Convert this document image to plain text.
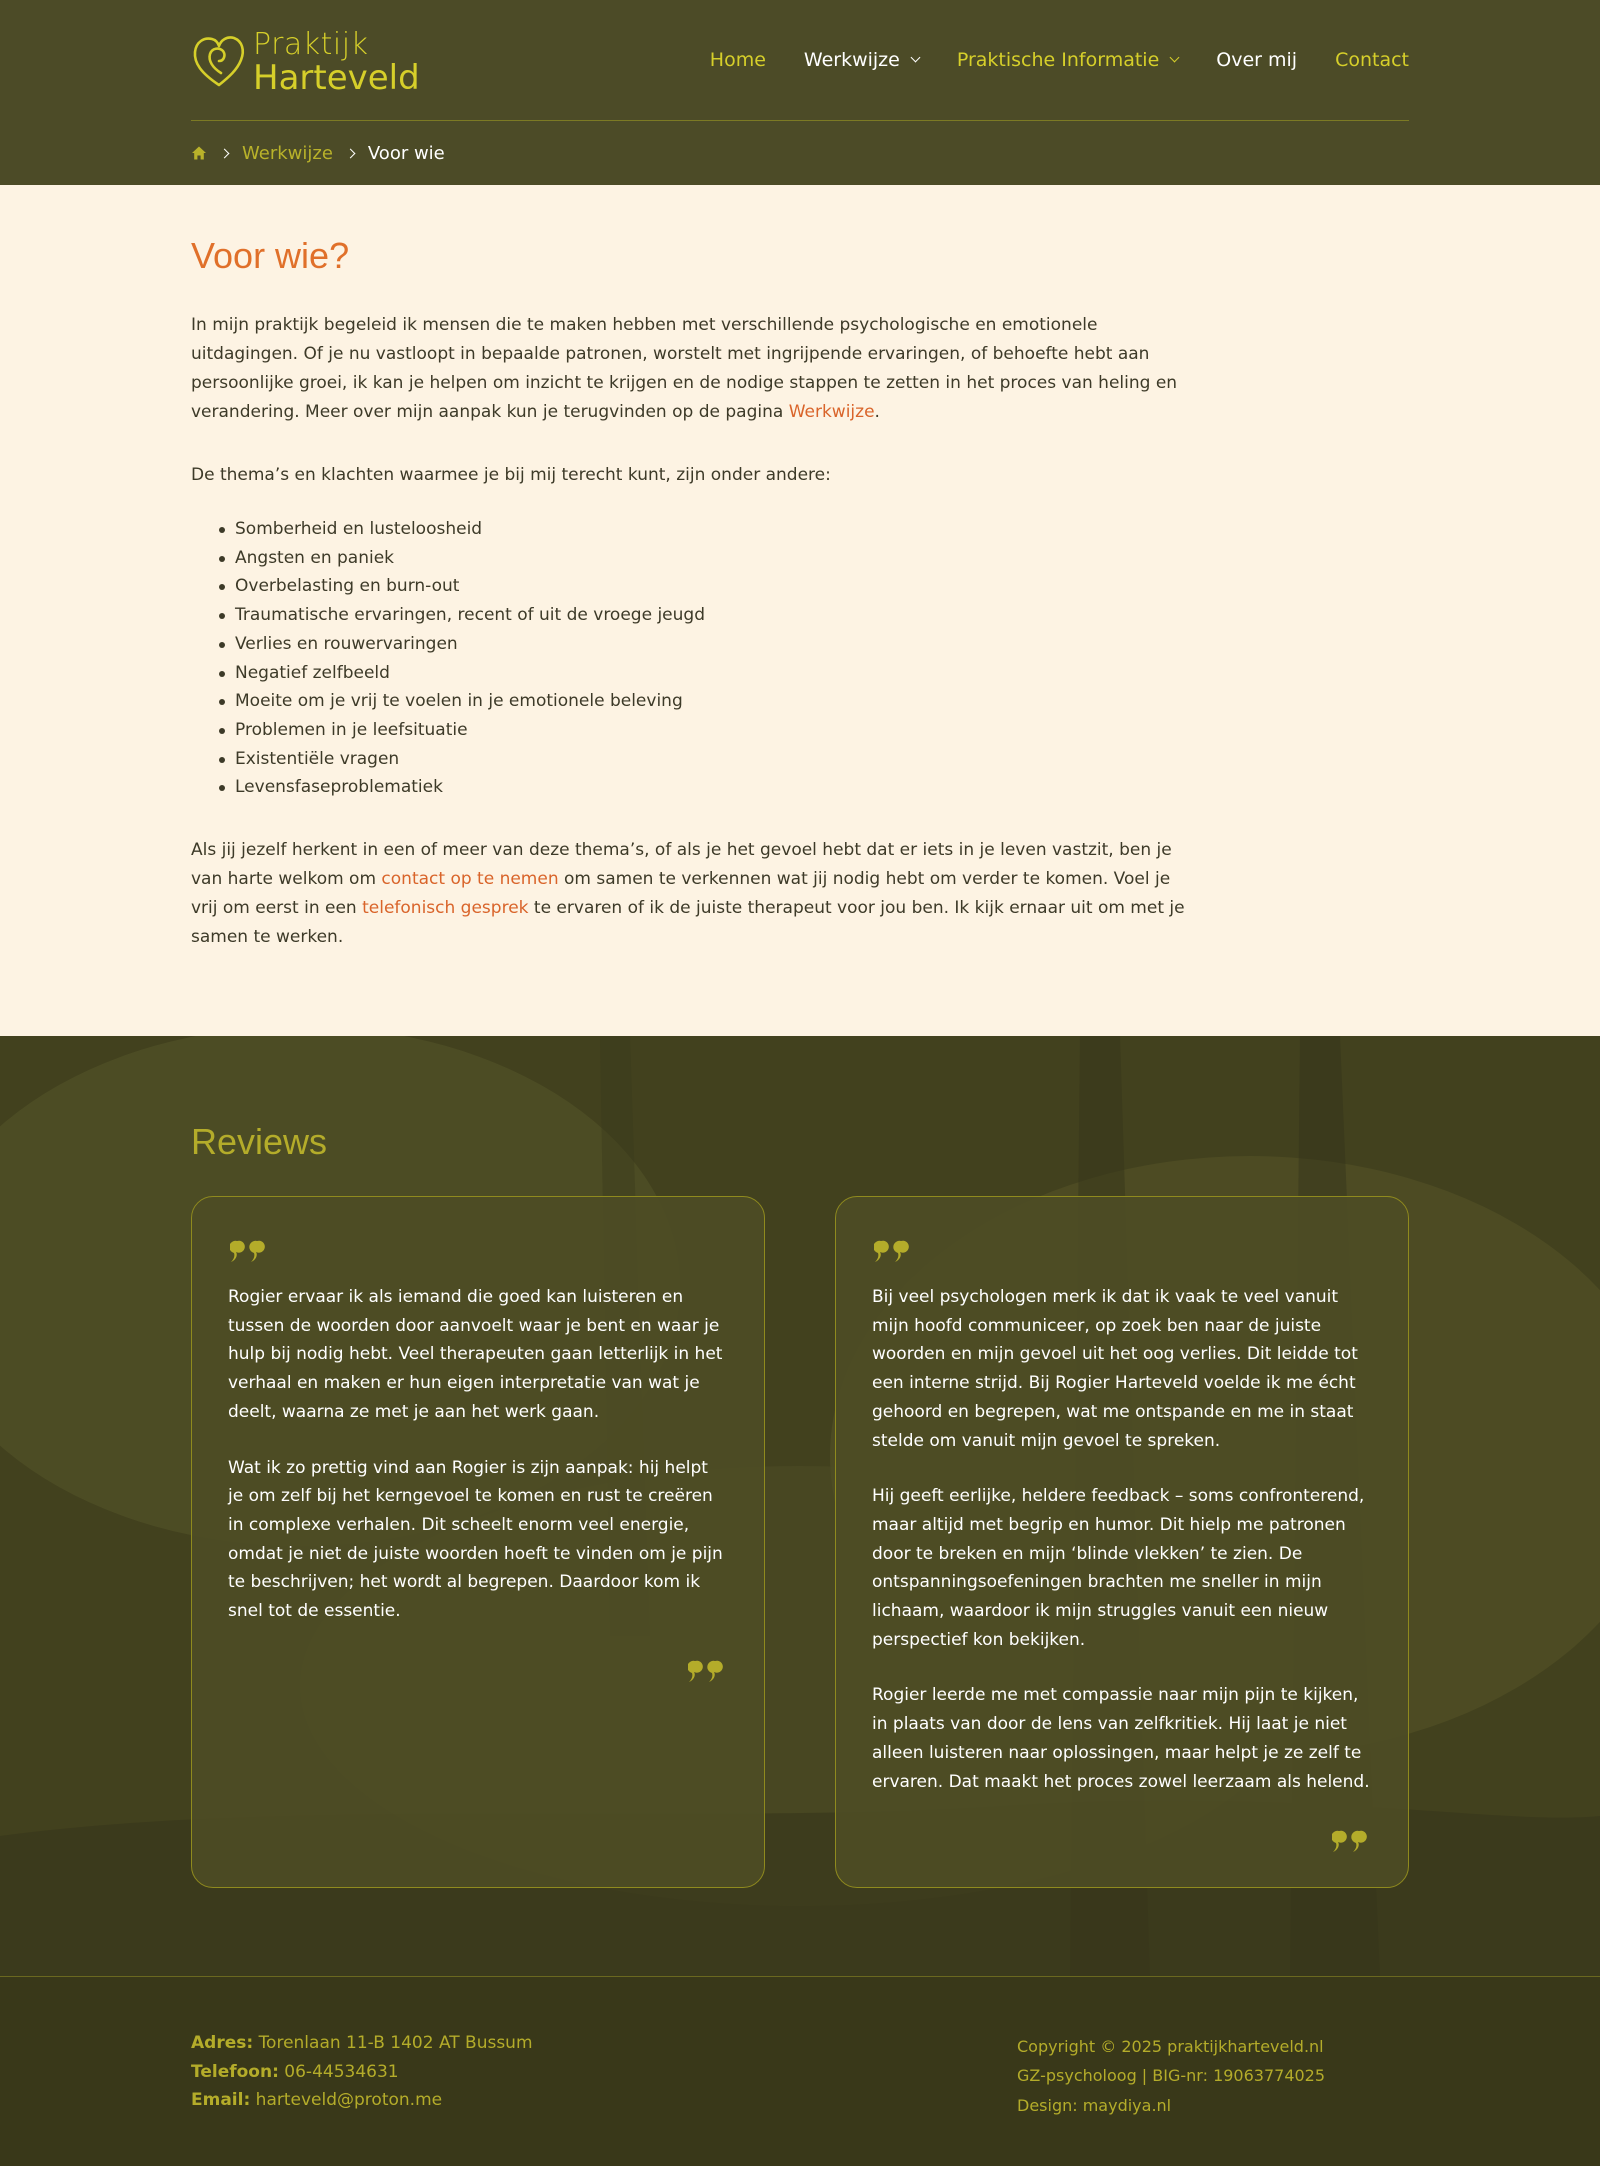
Praktijk
Harteveld	Home Werkwijze	Praktische Informatie	Over mij Contact
Werkwijze Voor wie
Voor wie?

In mijn praktijk begeleid ik mensen die te maken hebben met verschillende psychologische en emotionele uitdagingen. Of je nu vastloopt in bepaalde patronen, worstelt met ingrijpende ervaringen, of behoefte hebt aan persoonlijke groei, ik kan je helpen om inzicht te krijgen en de nodige stappen te zetten in het proces van heling en verandering. Meer over mijn aanpak kun je terugvinden op de pagina Werkwijze.

De thema’s en klachten waarmee je bij mij terecht kunt, zijn onder andere:

Somberheid en lusteloosheid
Angsten en paniek
Overbelasting en burn-out
Traumatische ervaringen, recent of uit de vroege jeugd
Verlies en rouwervaringen
Negatief zelfbeeld
Moeite om je vrij te voelen in je emotionele beleving
Problemen in je leefsituatie
Existentiële vragen
Levensfaseproblematiek

Als jij jezelf herkent in een of meer van deze thema’s, of als je het gevoel hebt dat er iets in je leven vastzit, ben je van harte welkom om contact op te nemen om samen te verkennen wat jij nodig hebt om verder te komen. Voel je vrij om eerst in een telefonisch gesprek te ervaren of ik de juiste therapeut voor jou ben. Ik kijk ernaar uit om met je samen te werken.

Reviews

Rogier ervaar ik als iemand die goed kan luisteren en tussen de woorden door aanvoelt waar je bent en waar je hulp bij nodig hebt. Veel therapeuten gaan letterlijk in het verhaal en maken er hun eigen interpretatie van wat je deelt, waarna ze met je aan het werk gaan.

Wat ik zo prettig vind aan Rogier is zijn aanpak: hij helpt je om zelf bij het kerngevoel te komen en rust te creëren in complexe verhalen. Dit scheelt enorm veel energie, omdat je niet de juiste woorden hoeft te vinden om je pijn te beschrijven; het wordt al begrepen. Daardoor kom ik snel tot de essentie.

Bij veel psychologen merk ik dat ik vaak te veel vanuit mijn hoofd communiceer, op zoek ben naar de juiste woorden en mijn gevoel uit het oog verlies. Dit leidde tot een interne strijd. Bij Rogier Harteveld voelde ik me écht gehoord en begrepen, wat me ontspande en me in staat stelde om vanuit mijn gevoel te spreken.

Hij geeft eerlijke, heldere feedback – soms confronterend, maar altijd met begrip en humor. Dit hielp me patronen door te breken en mijn ‘blinde vlekken’ te zien. De ontspanningsoefeningen brachten me sneller in mijn lichaam, waardoor ik mijn struggles vanuit een nieuw perspectief kon bekijken.

Rogier leerde me met compassie naar mijn pijn te kijken, in plaats van door de lens van zelfkritiek. Hij laat je niet alleen luisteren naar oplossingen, maar helpt je ze zelf te ervaren. Dat maakt het proces zowel leerzaam als helend.

Adres: Torenlaan 11-B 1402 AT Bussum
Telefoon: 06-44534631
Email: harteveld@proton.me
Copyright © 2025 praktijkharteveld.nl
GZ-psycholoog | BIG-nr: 19063774025
Design: maydiya.nl
